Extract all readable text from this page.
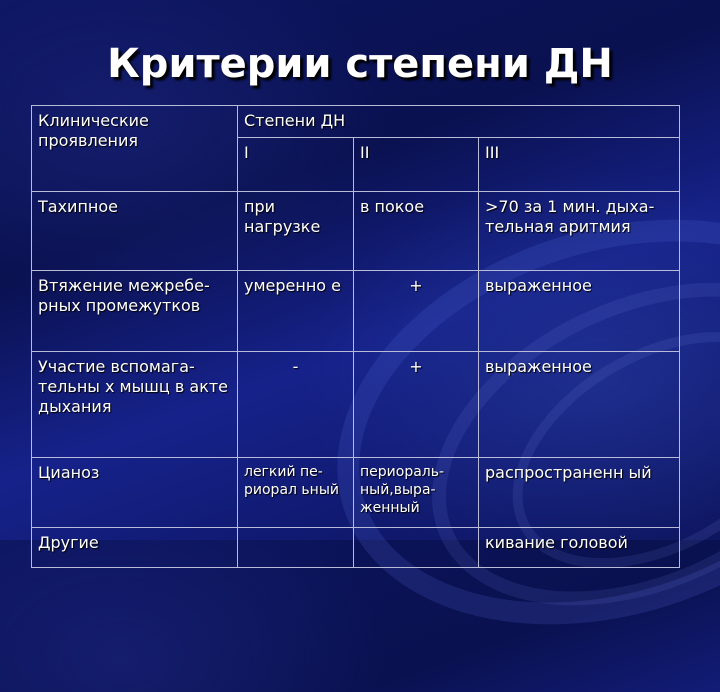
Критерии степени ДН
Клинические проявления	Степени ДН		
	I	II	III
Тахипное	при нагрузке	в покое	>70 за 1 мин. дыха-тельная аритмия
Втяжение межребе-рных промежутков	умеренно е	+	выраженное
Участие вспомага-тельны х мышц в акте дыхания	-	+	выраженное
Цианоз	легкий пе-риорал ьный	периораль-ный,выра-женный	распространенн ый
Другие			кивание головой
